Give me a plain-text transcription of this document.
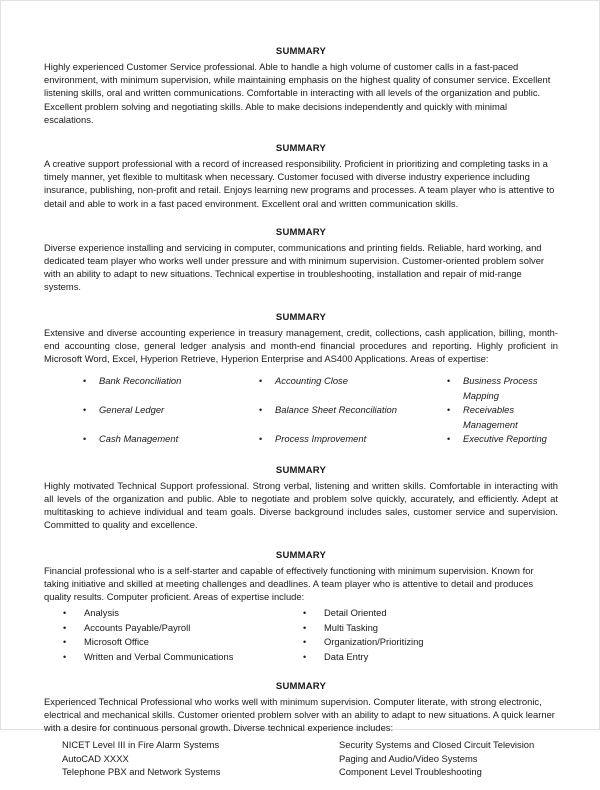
SUMMARY

Highly experienced Customer Service professional. Able to handle a high volume of customer calls in a fast-paced environment, with minimum supervision, while maintaining emphasis on the highest quality of consumer service. Excellent listening skills, oral and written communications. Comfortable in interacting with all levels of the organization and public. Excellent problem solving and negotiating skills. Able to make decisions independently and quickly with minimal escalations.

SUMMARY

A creative support professional with a record of increased responsibility. Proficient in prioritizing and completing tasks in a timely manner, yet flexible to multitask when necessary. Customer focused with diverse industry experience including insurance, publishing, non-profit and retail. Enjoys learning new programs and processes. A team player who is attentive to detail and able to work in a fast paced environment. Excellent oral and written communication skills.

SUMMARY

Diverse experience installing and servicing in computer, communications and printing fields. Reliable, hard working, and dedicated team player who works well under pressure and with minimum supervision. Customer-oriented problem solver with an ability to adapt to new situations. Technical expertise in troubleshooting, installation and repair of mid-range systems.

SUMMARY

Extensive and diverse accounting experience in treasury management, credit, collections, cash application, billing, month-end accounting close, general ledger analysis and month-end financial procedures and reporting. Highly proficient in Microsoft Word, Excel, Hyperion Retrieve, Hyperion Enterprise and AS400 Applications. Areas of expertise:

•	Bank Reconciliation	•	Accounting Close	•	Business Process Mapping
•	General Ledger	•	Balance Sheet Reconciliation	•	Receivables Management
•	Cash Management	•	Process Improvement	•	Executive Reporting
SUMMARY

Highly motivated Technical Support professional. Strong verbal, listening and written skills. Comfortable in interacting with all levels of the organization and public. Able to negotiate and problem solve quickly, accurately, and efficiently. Adept at multitasking to achieve individual and team goals. Diverse background includes sales, customer service and supervision. Committed to quality and excellence.

SUMMARY

Financial professional who is a self-starter and capable of effectively functioning with minimum supervision. Known for taking initiative and skilled at meeting challenges and deadlines. A team player who is attentive to detail and produces quality results. Computer proficient. Areas of expertise include:

•	Analysis	•	Detail Oriented
•	Accounts Payable/Payroll	•	Multi Tasking
•	Microsoft Office	•	Organization/Prioritizing
•	Written and Verbal Communications	•	Data Entry
SUMMARY

Experienced Technical Professional who works well with minimum supervision. Computer literate, with strong electronic, electrical and mechanical skills. Customer oriented problem solver with an ability to adapt to new situations. A quick learner with a desire for continuous personal growth. Diverse technical experience includes:

NICET Level III in Fire Alarm Systems	Security Systems and Closed Circuit Television
AutoCAD XXXX	Paging and Audio/Video Systems
Telephone PBX and Network Systems	Component Level Troubleshooting
